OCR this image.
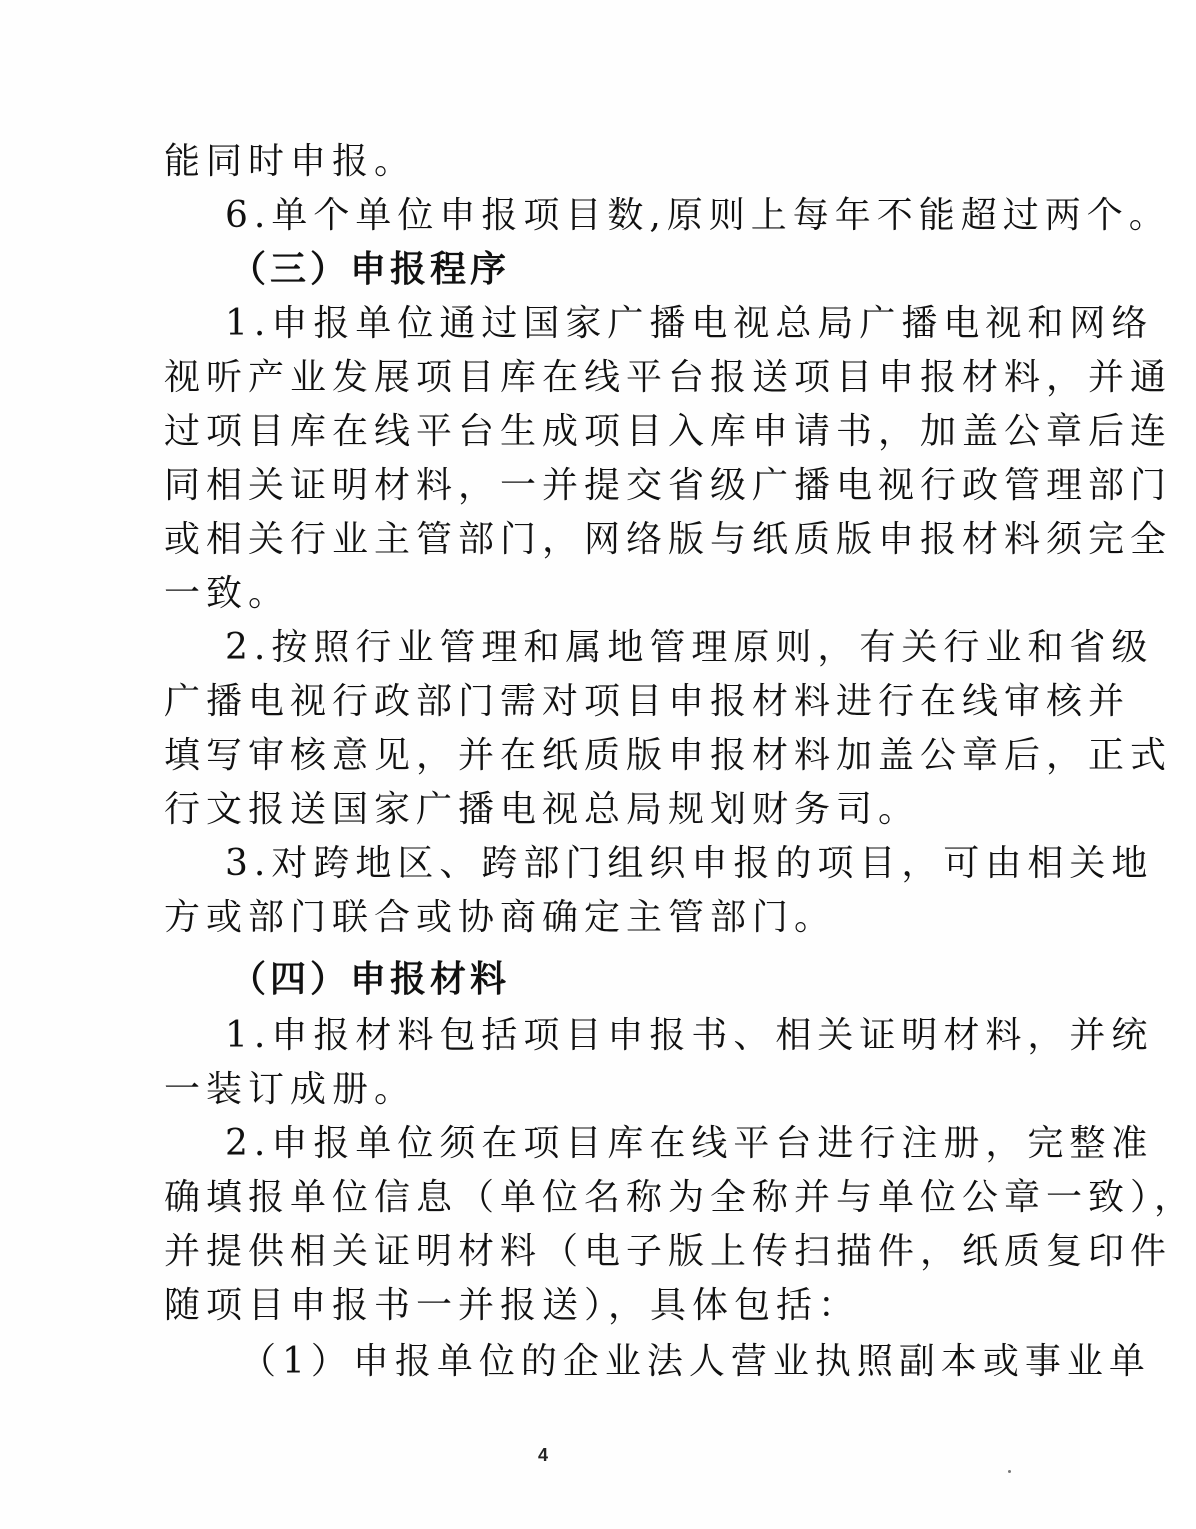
能同时申报。
6.单个单位申报项目数,原则上每年不能超过两个。
（三）申报程序
1.申报单位通过国家广播电视总局广播电视和网络
视听产业发展项目库在线平台报送项目申报材料，并通
过项目库在线平台生成项目入库申请书，加盖公章后连
同相关证明材料，一并提交省级广播电视行政管理部门
或相关行业主管部门，网络版与纸质版申报材料须完全
一致。
2.按照行业管理和属地管理原则，有关行业和省级
广播电视行政部门需对项目申报材料进行在线审核并
填写审核意见，并在纸质版申报材料加盖公章后，正式
行文报送国家广播电视总局规划财务司。
3.对跨地区、跨部门组织申报的项目，可由相关地
方或部门联合或协商确定主管部门。
（四）申报材料
1.申报材料包括项目申报书、相关证明材料，并统
一装订成册。
2.申报单位须在项目库在线平台进行注册，完整准
确填报单位信息（单位名称为全称并与单位公章一致），
并提供相关证明材料（电子版上传扫描件，纸质复印件
随项目申报书一并报送），具体包括：
（1）申报单位的企业法人营业执照副本或事业单
4
